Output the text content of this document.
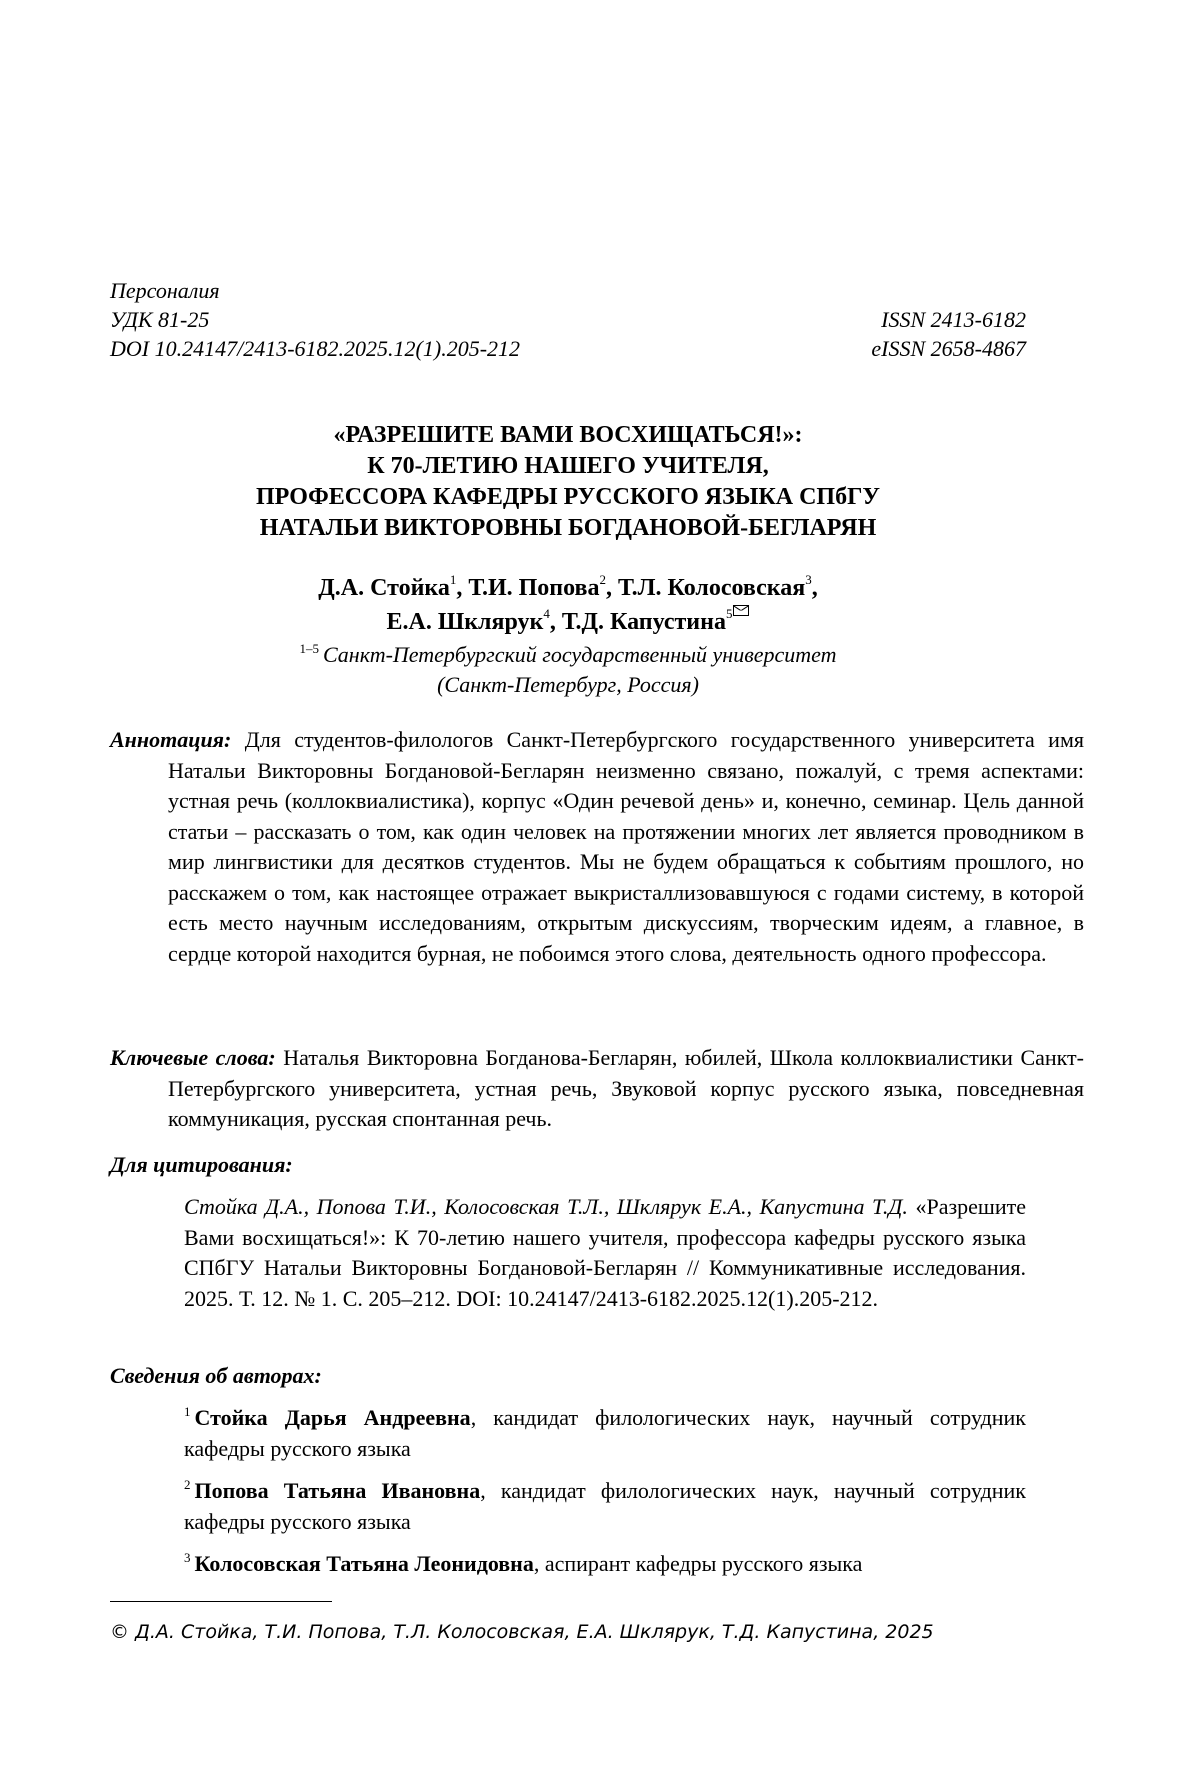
Персоналия
УДК 81-25	ISSN 2413-6182
DOI 10.24147/2413-6182.2025.12(1).205-212	eISSN 2658-4867
«РАЗРЕШИТЕ ВАМИ ВОСХИЩАТЬСЯ!»:
К 70-ЛЕТИЮ НАШЕГО УЧИТЕЛЯ,
ПРОФЕССОРА КАФЕДРЫ РУССКОГО ЯЗЫКА СПбГУ
НАТАЛЬИ ВИКТОРОВНЫ БОГДАНОВОЙ-БЕГЛАРЯН
Д.А. Стойка$^1$, Т.И. Попова$^2$, Т.Л. Колосовская$^3$,
Е.А. Шклярук$^4$, Т.Д. Капустина$^5$
$^{1-5}$ Санкт-Петербургский государственный университет
(Санкт-Петербург, Россия)
Аннотация: Для студентов-филологов Санкт-Петербургского государственного университета имя Натальи Викторовны Богдановой-Бегларян неизменно связано, пожалуй, с тремя аспектами: устная речь (коллоквиалистика), корпус «Один речевой день» и, конечно, семинар. Цель данной статьи – рассказать о том, как один человек на протяжении многих лет является проводником в мир лингвистики для десятков студентов. Мы не будем обращаться к событиям прошлого, но расскажем о том, как настоящее отражает выкристаллизовавшуюся с годами систему, в которой есть место научным исследованиям, открытым дискуссиям, творческим идеям, а главное, в сердце которой находится бурная, не побоимся этого слова, деятельность одного профессора.
Ключевые слова: Наталья Викторовна Богданова-Бегларян, юбилей, Школа коллоквиалистики Санкт-Петербургского университета, устная речь, Звуковой корпус русского языка, повседневная коммуникация, русская спонтанная речь.
Для цитирования:
Стойка Д.А., Попова Т.И., Колосовская Т.Л., Шклярук Е.А., Капустина Т.Д. «Разрешите Вами восхищаться!»: К 70-летию нашего учителя, профессора кафедры русского языка СПбГУ Натальи Викторовны Богдановой-Бегларян // Коммуникативные исследования. 2025. Т. 12. № 1. С. 205–212. DOI: 10.24147/2413-6182.2025.12(1).205-212.
Сведения об авторах:
$^1$ Стойка Дарья Андреевна, кандидат филологических наук, научный сотрудник кафедры русского языка
$^2$ Попова Татьяна Ивановна, кандидат филологических наук, научный сотрудник кафедры русского языка
$^3$ Колосовская Татьяна Леонидовна, аспирант кафедры русского языка
© Д.А. Стойка, Т.И. Попова, Т.Л. Колосовская, Е.А. Шклярук, Т.Д. Капустина, 2025
